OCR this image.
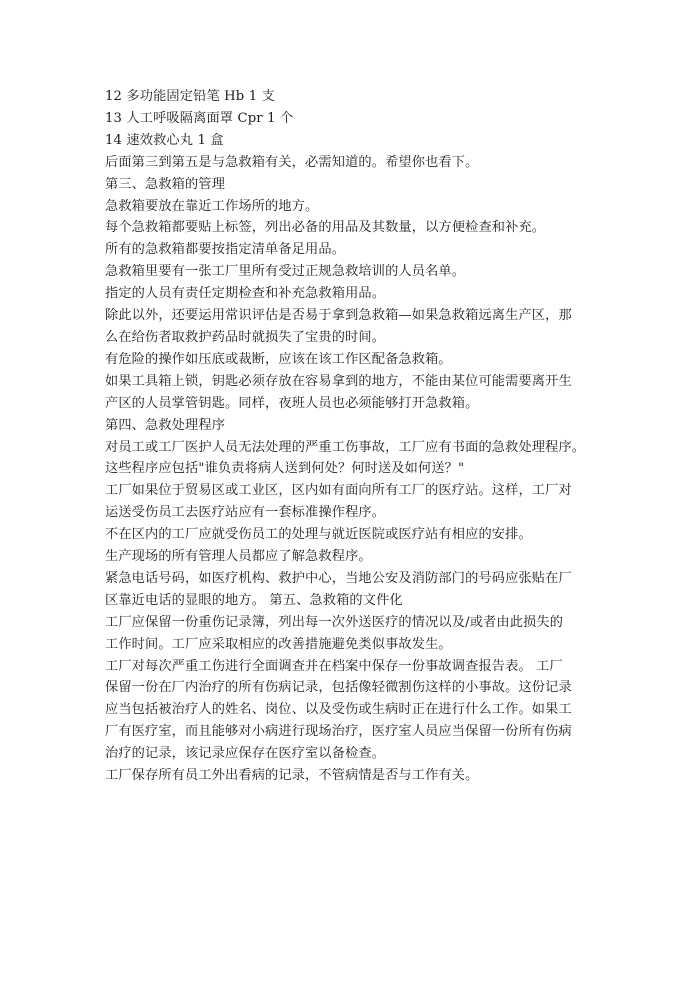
12 多功能固定铅笔 Hb 1 支
13 人工呼吸隔离面罩 Cpr 1 个
14 速效救心丸 1 盒
后面第三到第五是与急救箱有关，必需知道的。希望你也看下。
第三、急救箱的管理
急救箱要放在靠近工作场所的地方。
每个急救箱都要贴上标签，列出必备的用品及其数量，以方便检查和补充。
所有的急救箱都要按指定清单备足用品。
急救箱里要有一张工厂里所有受过正规急救培训的人员名单。
指定的人员有责任定期检查和补充急救箱用品。
除此以外，还要运用常识评估是否易于拿到急救箱—如果急救箱远离生产区，那
么在给伤者取救护药品时就损失了宝贵的时间。
有危险的操作如压底或裁断，应该在该工作区配备急救箱。
如果工具箱上锁，钥匙必须存放在容易拿到的地方，不能由某位可能需要离开生
产区的人员掌管钥匙。同样，夜班人员也必须能够打开急救箱。
第四、急救处理程序
对员工或工厂医护人员无法处理的严重工伤事故，工厂应有书面的急救处理程序。
这些程序应包括"谁负责将病人送到何处？何时送及如何送？"
工厂如果位于贸易区或工业区，区内如有面向所有工厂的医疗站。这样，工厂对
运送受伤员工去医疗站应有一套标准操作程序。
不在区内的工厂应就受伤员工的处理与就近医院或医疗站有相应的安排。
生产现场的所有管理人员都应了解急救程序。
紧急电话号码，如医疗机构、救护中心，当地公安及消防部门的号码应张贴在厂
区靠近电话的显眼的地方。 第五、急救箱的文件化
工厂应保留一份重伤记录簿，列出每一次外送医疗的情况以及/或者由此损失的
工作时间。工厂应采取相应的改善措施避免类似事故发生。
工厂对每次严重工伤进行全面调查并在档案中保存一份事故调查报告表。 工厂
保留一份在厂内治疗的所有伤病记录，包括像轻微割伤这样的小事故。这份记录
应当包括被治疗人的姓名、岗位、以及受伤或生病时正在进行什么工作。如果工
厂有医疗室，而且能够对小病进行现场治疗，医疗室人员应当保留一份所有伤病
治疗的记录，该记录应保存在医疗室以备检查。
工厂保存所有员工外出看病的记录，不管病情是否与工作有关。
